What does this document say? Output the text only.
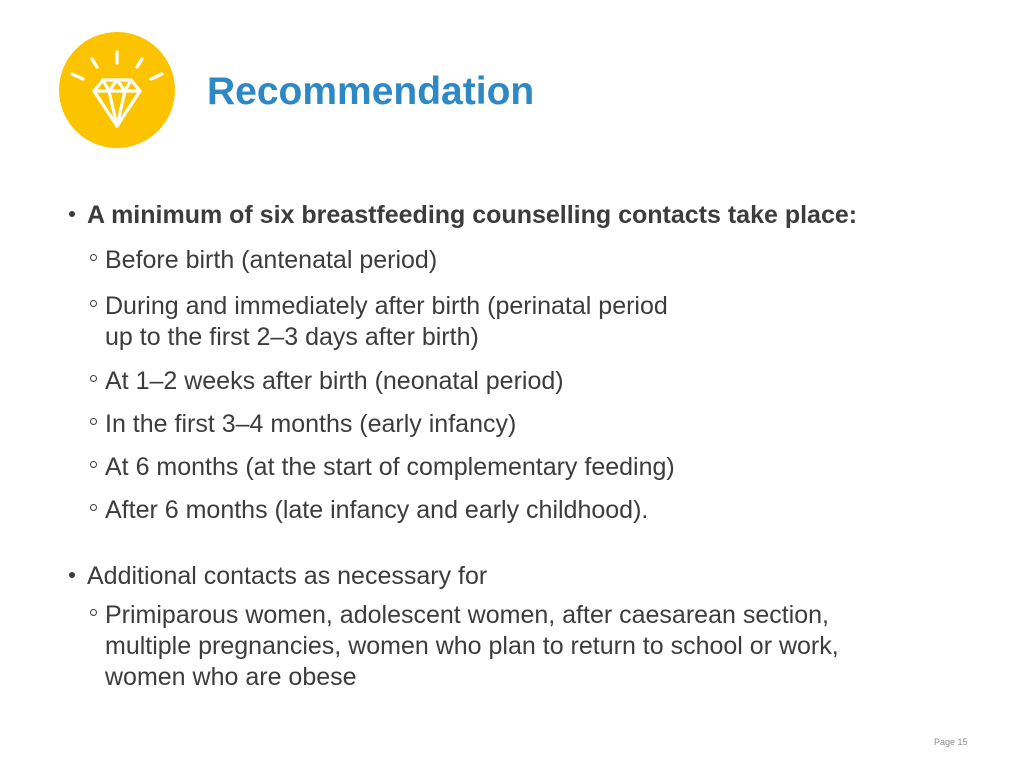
Recommendation
A minimum of six breastfeeding counselling contacts take place:
Before birth (antenatal period)
During and immediately after birth (perinatal period
up to the first 2–3 days after birth)
At 1–2 weeks after birth (neonatal period)
In the first 3–4 months (early infancy)
At 6 months (at the start of complementary feeding)
After 6 months (late infancy and early childhood).
Additional contacts as necessary for
Primiparous women, adolescent women, after caesarean section,
multiple pregnancies, women who plan to return to school or work,
women who are obese
Page 15
